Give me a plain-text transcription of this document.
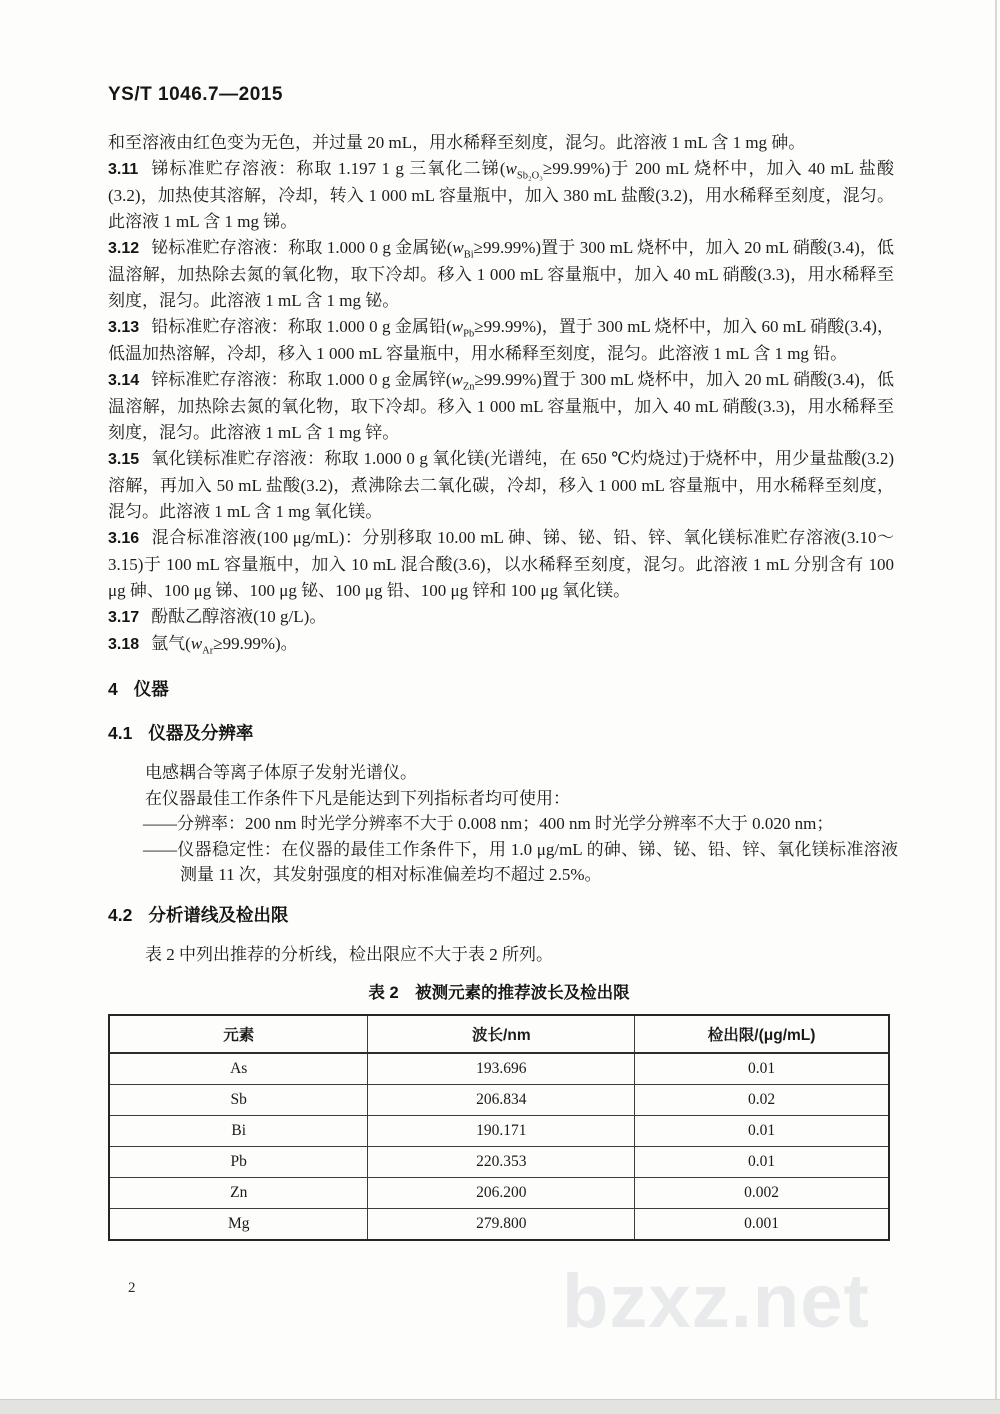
YS/T 1046.7—2015

和至溶液由红色变为无色，并过量 20 mL，用水稀释至刻度，混匀。此溶液 1 mL 含 1 mg 砷。

3.11 锑标准贮存溶液：称取 1.197 1 g 三氧化二锑$(w_{Sb_2O_3}\ge 99.99\%)$于 200 mL 烧杯中，加入 40 mL 盐酸(3.2)，加热使其溶解，冷却，转入 1 000 mL 容量瓶中，加入 380 mL 盐酸(3.2)，用水稀释至刻度，混匀。此溶液 1 mL 含 1 mg 锑。

3.12 铋标准贮存溶液：称取 1.000 0 g 金属铋$(w_{Bi}\ge 99.99\%)$置于 300 mL 烧杯中，加入 20 mL 硝酸(3.4)，低温溶解，加热除去氮的氧化物，取下冷却。移入 1 000 mL 容量瓶中，加入 40 mL 硝酸(3.3)，用水稀释至刻度，混匀。此溶液 1 mL 含 1 mg 铋。

3.13 铅标准贮存溶液：称取 1.000 0 g 金属铅$(w_{Pb}\ge 99.99\%)$，置于 300 mL 烧杯中，加入 60 mL 硝酸(3.4)，低温加热溶解，冷却，移入 1 000 mL 容量瓶中，用水稀释至刻度，混匀。此溶液 1 mL 含 1 mg 铅。

3.14 锌标准贮存溶液：称取 1.000 0 g 金属锌$(w_{Zn}\ge 99.99\%)$置于 300 mL 烧杯中，加入 20 mL 硝酸(3.4)，低温溶解，加热除去氮的氧化物，取下冷却。移入 1 000 mL 容量瓶中，加入 40 mL 硝酸(3.3)，用水稀释至刻度，混匀。此溶液 1 mL 含 1 mg 锌。

3.15 氧化镁标准贮存溶液：称取 1.000 0 g 氧化镁(光谱纯，在 650 ℃灼烧过)于烧杯中，用少量盐酸(3.2) 溶解，再加入 50 mL 盐酸(3.2)，煮沸除去二氧化碳，冷却，移入 1 000 mL 容量瓶中，用水稀释至刻度，混匀。此溶液 1 mL 含 1 mg 氧化镁。

3.16 混合标准溶液(100 μg/mL)：分别移取 10.00 mL 砷、锑、铋、铅、锌、氧化镁标准贮存溶液(3.10～3.15)于 100 mL 容量瓶中，加入 10 mL 混合酸(3.6)，以水稀释至刻度，混匀。此溶液 1 mL 分别含有 100 μg 砷、100 μg 锑、100 μg 铋、100 μg 铅、100 μg 锌和 100 μg 氧化镁。

3.17 酚酞乙醇溶液(10 g/L)。

3.18 氩气$(w_{Ar}\ge 99.99\%)$。

4 仪器
4.1 仪器及分辨率

电感耦合等离子体原子发射光谱仪。

在仪器最佳工作条件下凡是能达到下列指标者均可使用：

——分辨率：200 nm 时光学分辨率不大于 0.008 nm；400 nm 时光学分辨率不大于 0.020 nm；

——仪器稳定性：在仪器的最佳工作条件下，用 1.0 μg/mL 的砷、锑、铋、铅、锌、氧化镁标准溶液测量 11 次，其发射强度的相对标准偏差均不超过 2.5%。

4.2 分析谱线及检出限

表 2 中列出推荐的分析线，检出限应不大于表 2 所列。

表 2　被测元素的推荐波长及检出限
元素	波长/nm	检出限/(μg/mL)
As	193.696	0.01
Sb	206.834	0.02
Bi	190.171	0.01
Pb	220.353	0.01
Zn	206.200	0.002
Mg	279.800	0.001
2	bzxz.net
